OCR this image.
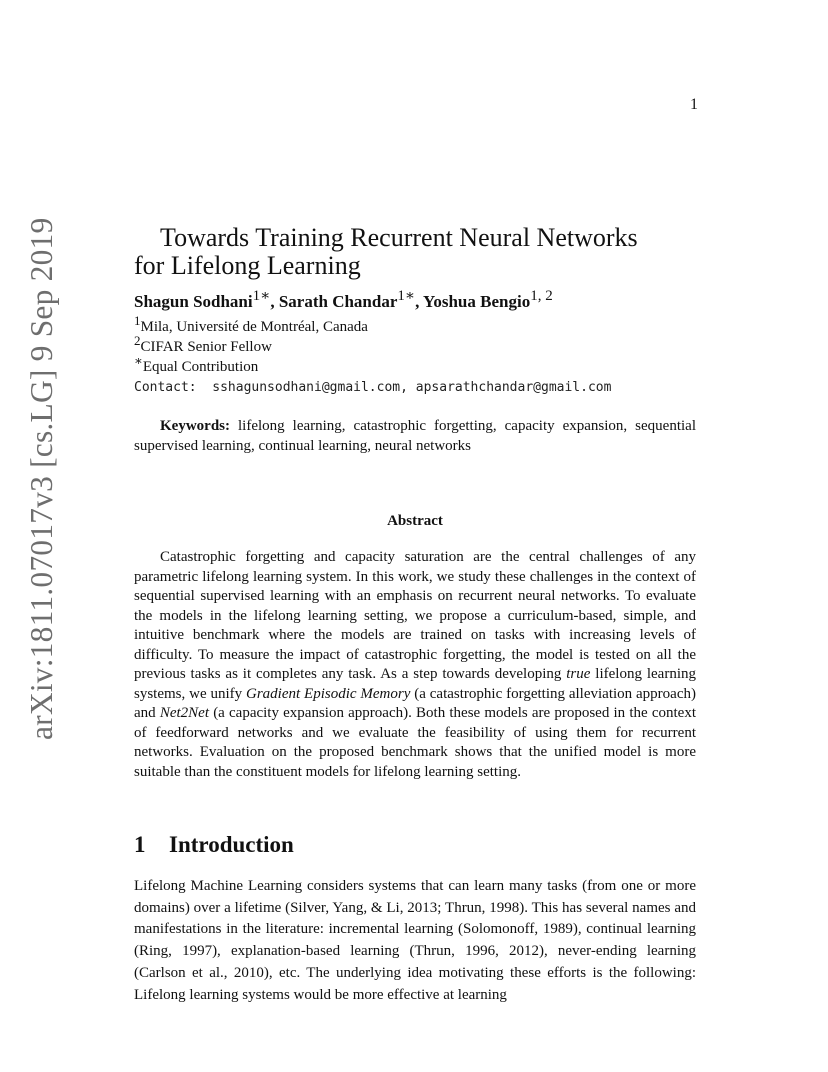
1
arXiv:1811.07017v3 [cs.LG] 9 Sep 2019	Towards Training Recurrent Neural Networks
for Lifelong Learning
Shagun Sodhani$^{1∗}$, Sarath Chandar$^{1∗}$, Yoshua Bengio$^{1, 2}$
$^1$Mila, Université de Montréal, Canada
$^2$CIFAR Senior Fellow
∗Equal Contribution
Contact:  sshagunsodhani@gmail.com, apsarathchandar@gmail.com

Keywords: lifelong learning, catastrophic forgetting, capacity expansion, sequential supervised learning, continual learning, neural networks

Abstract

Catastrophic forgetting and capacity saturation are the central challenges of any parametric lifelong learning system. In this work, we study these challenges in the context of sequential supervised learning with an emphasis on recurrent neural networks. To evaluate the models in the lifelong learning setting, we propose a curriculum-based, simple, and intuitive benchmark where the models are trained on tasks with increasing levels of difficulty. To measure the impact of catastrophic forgetting, the model is tested on all the previous tasks as it completes any task. As a step towards developing true lifelong learning systems, we unify Gradient Episodic Memory (a catastrophic forgetting alleviation approach) and Net2Net (a capacity expansion approach). Both these models are proposed in the context of feedforward networks and we evaluate the feasibility of using them for recurrent networks. Evaluation on the proposed benchmark shows that the unified model is more suitable than the constituent models for lifelong learning setting.

1 Introduction

Lifelong Machine Learning considers systems that can learn many tasks (from one or more domains) over a lifetime (Silver, Yang, & Li, 2013; Thrun, 1998). This has several names and manifestations in the literature: incremental learning (Solomonoff, 1989), continual learning (Ring, 1997), explanation-based learning (Thrun, 1996, 2012), never-ending learning (Carlson et al., 2010), etc. The underlying idea motivating these efforts is the following: Lifelong learning systems would be more effective at learning
